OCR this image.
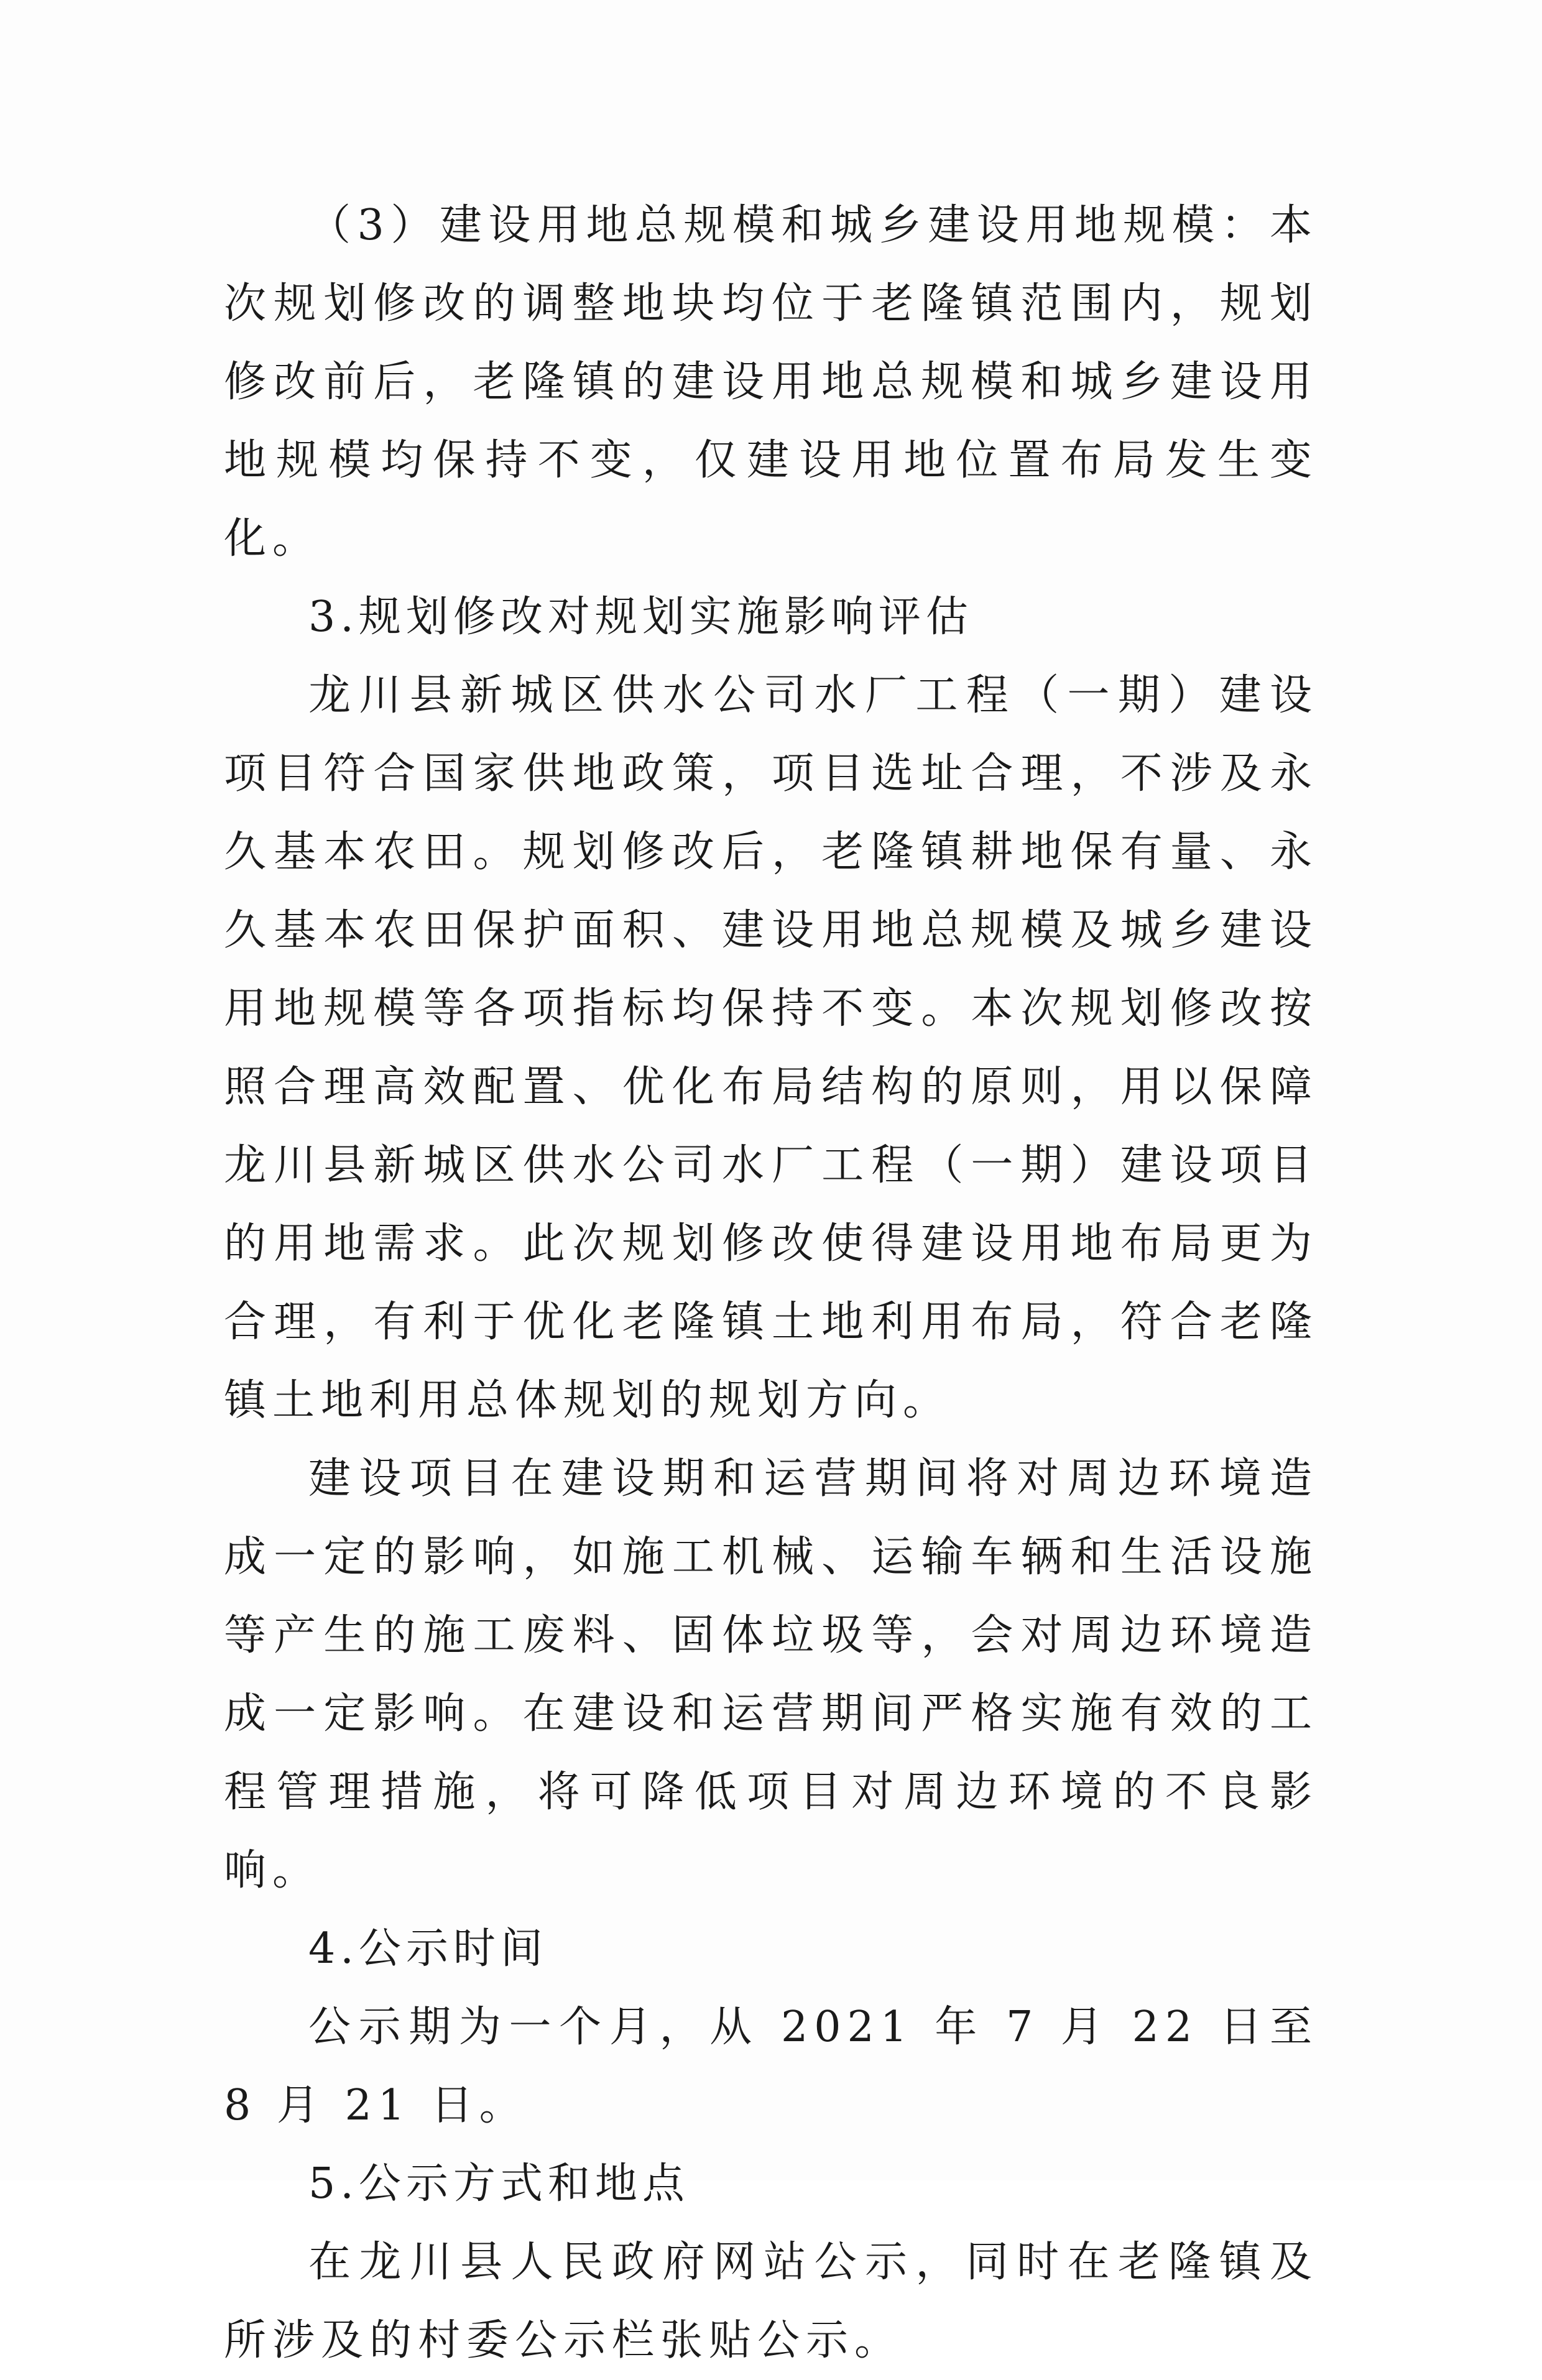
（3）建设用地总规模和城乡建设用地规模：本次规划修改的调整地块均位于老隆镇范围内，规划修改前后，老隆镇的建设用地总规模和城乡建设用地规模均保持不变，仅建设用地位置布局发生变化。

3.规划修改对规划实施影响评估

龙川县新城区供水公司水厂工程（一期）建设项目符合国家供地政策，项目选址合理，不涉及永久基本农田。规划修改后，老隆镇耕地保有量、永久基本农田保护面积、建设用地总规模及城乡建设用地规模等各项指标均保持不变。本次规划修改按照合理高效配置、优化布局结构的原则，用以保障龙川县新城区供水公司水厂工程（一期）建设项目的用地需求。此次规划修改使得建设用地布局更为合理，有利于优化老隆镇土地利用布局，符合老隆镇土地利用总体规划的规划方向。

建设项目在建设期和运营期间将对周边环境造成一定的影响，如施工机械、运输车辆和生活设施等产生的施工废料、固体垃圾等，会对周边环境造成一定影响。在建设和运营期间严格实施有效的工程管理措施，将可降低项目对周边环境的不良影响。

4.公示时间

公示期为一个月，从 2021 年 7 月 22 日至 8 月 21 日。

5.公示方式和地点

在龙川县人民政府网站公示，同时在老隆镇及所涉及的村委公示栏张贴公示。
